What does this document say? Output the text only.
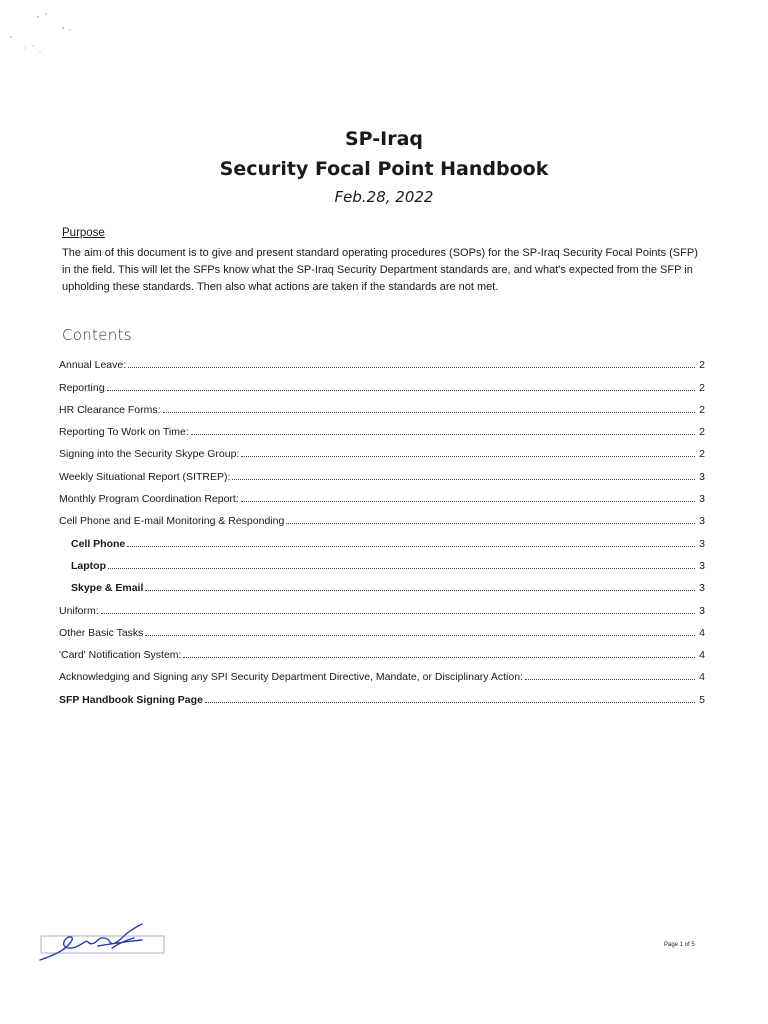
SP-Iraq
Security Focal Point Handbook
Feb.28, 2022
Purpose
The aim of this document is to give and present standard operating procedures (SOPs) for the SP-Iraq Security Focal Points (SFP) in the field. This will let the SFPs know what the SP-Iraq Security Department standards are, and what's expected from the SFP in upholding these standards. Then also what actions are taken if the standards are not met.
Contents
Annual Leave:	2
Reporting	2
HR Clearance Forms:	2
Reporting To Work on Time:	2
Signing into the Security Skype Group:	2
Weekly Situational Report (SITREP):	3
Monthly Program Coordination Report:	3
Cell Phone and E-mail Monitoring & Responding	3
Cell Phone	3
Laptop	3
Skype & Email	3
Uniform:	3
Other Basic Tasks	4
'Card' Notification System:	4
Acknowledging and Signing any SPI Security Department Directive, Mandate, or Disciplinary Action:	4
SFP Handbook Signing Page	5
Page 1 of 5
